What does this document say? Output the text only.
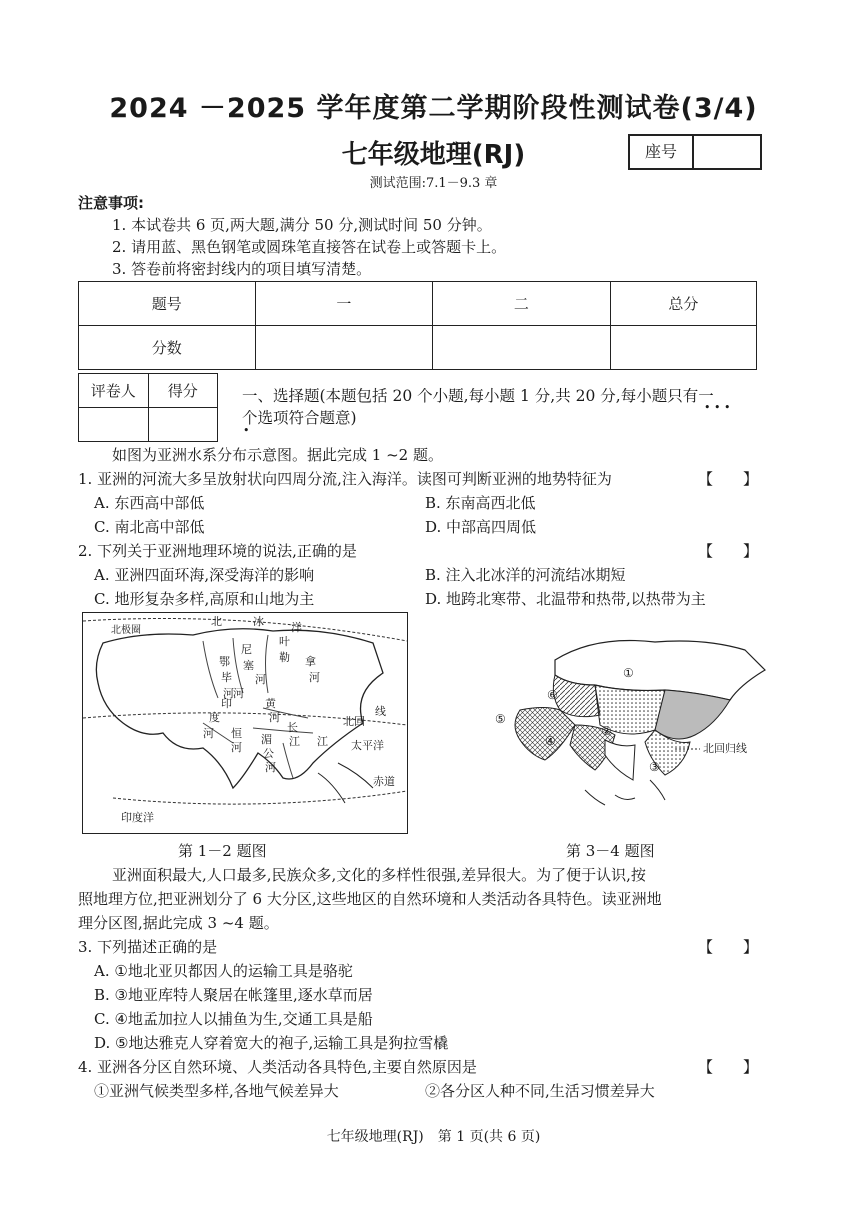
2024 －2025 学年度第二学期阶段性测试卷(3/4)
七年级地理(RJ)
测试范围:7.1－9.3 章
座号
注意事项:
1. 本试卷共 6 页,两大题,满分 50 分,测试时间 50 分钟。
2. 请用蓝、黑色钢笔或圆珠笔直接答在试卷上或答题卡上。
3. 答卷前将密封线内的项目填写清楚。
题号	一	二	总分
分数			
评卷人	得分
		一、选择题(本题包括 20 个小题,每小题 1 分,共 20 分,每小题只有一
个选项符合题意)
• • •
•
如图为亚洲水系分布示意图。据此完成 1 ~2 题。
1. 亚洲的河流大多呈放射状向四周分流,注入海洋。读图可判断亚洲的地势特征为	【　　】
A. 东西高中部低	B. 东南高西北低
C. 南北高中部低	D. 中部高四周低
2. 下列关于亚洲地理环境的说法,正确的是	【　　】
A. 亚洲四面环海,深受海洋的影响	B. 注入北冰洋的河流结冰期短
C. 地形复杂多样,高原和山地为主	D. 地跨北寒带、北温带和热带,以热带为主
北极圈
北	冰 洋
叶
勒 拿
尼
塞
河	河
河
鄂
毕
河
线
北回
太平洋
赤道
印度洋
印
度
河 恒
河
黄
河
长
江
湄
公
河
江
第 1－2 题图
①
②
③
④
⑤
⑥
北回归线
第 3－4 题图
亚洲面积最大,人口最多,民族众多,文化的多样性很强,差异很大。为了便于认识,按
照地理方位,把亚洲划分了 6 大分区,这些地区的自然环境和人类活动各具特色。读亚洲地
理分区图,据此完成 3 ~4 题。
3. 下列描述正确的是	【　　】
A. ①地北亚贝都因人的运输工具是骆驼
B. ③地亚库特人聚居在帐篷里,逐水草而居
C. ④地孟加拉人以捕鱼为生,交通工具是船
D. ⑤地达雅克人穿着宽大的袍子,运输工具是狗拉雪橇
4. 亚洲各分区自然环境、人类活动各具特色,主要自然原因是	【　　】
①亚洲气候类型多样,各地气候差异大	②各分区人种不同,生活习惯差异大
七年级地理(RJ)　第 1 页(共 6 页)
